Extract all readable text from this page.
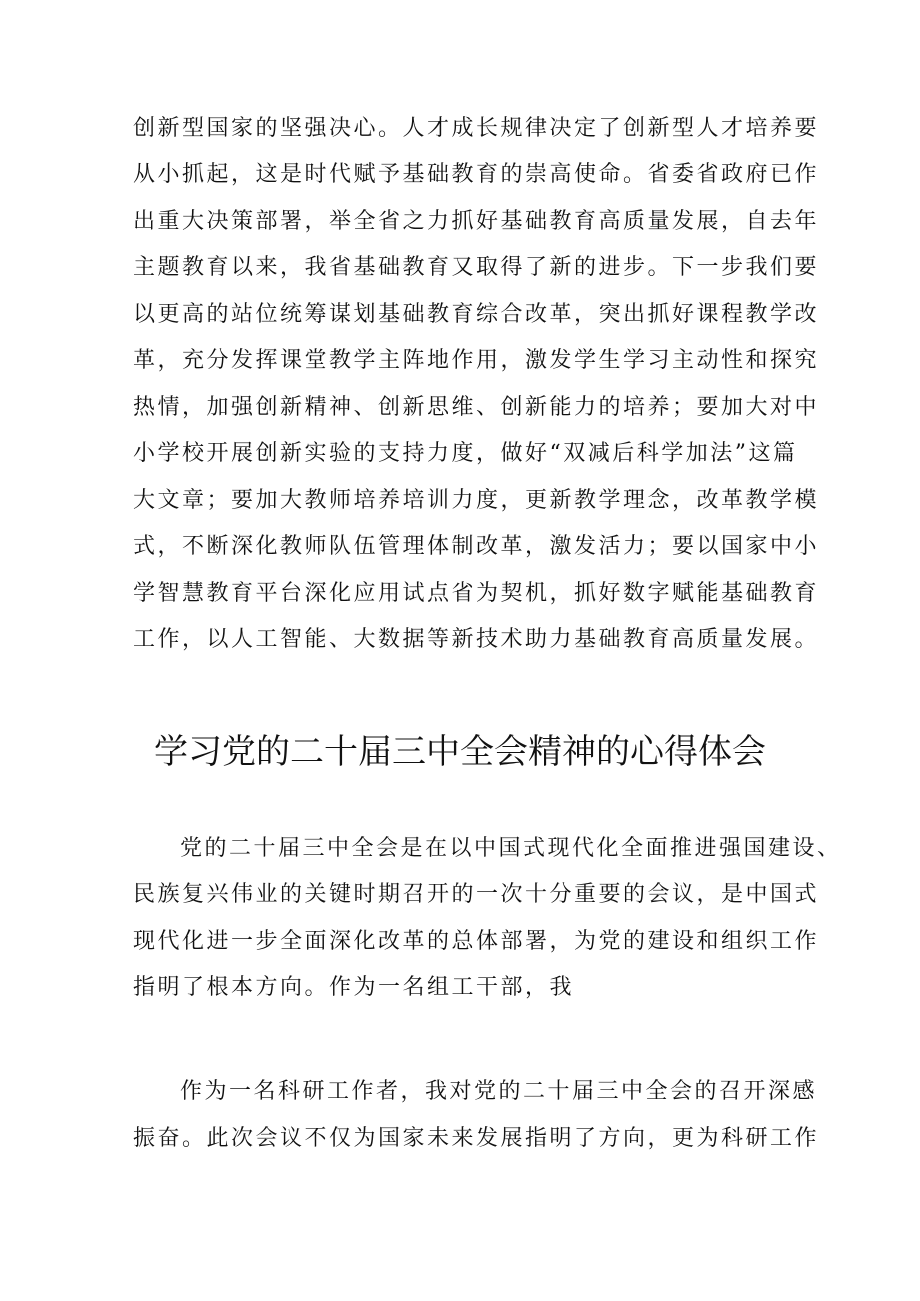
创新型国家的坚强决心。人才成长规律决定了创新型人才培养要
从小抓起，这是时代赋予基础教育的崇高使命。省委省政府已作
出重大决策部署，举全省之力抓好基础教育高质量发展，自去年
主题教育以来，我省基础教育又取得了新的进步。下一步我们要
以更高的站位统筹谋划基础教育综合改革，突出抓好课程教学改
革，充分发挥课堂教学主阵地作用，激发学生学习主动性和探究
热情，加强创新精神、创新思维、创新能力的培养；要加大对中
小学校开展创新实验的支持力度，做好“双减后科学加法”这篇
大文章；要加大教师培养培训力度，更新教学理念，改革教学模
式，不断深化教师队伍管理体制改革，激发活力；要以国家中小
学智慧教育平台深化应用试点省为契机，抓好数字赋能基础教育
工作，以人工智能、大数据等新技术助力基础教育高质量发展。
学习党的二十届三中全会精神的心得体会
党的二十届三中全会是在以中国式现代化全面推进强国建设、
民族复兴伟业的关键时期召开的一次十分重要的会议，是中国式
现代化进一步全面深化改革的总体部署，为党的建设和组织工作
指明了根本方向。作为一名组工干部，我
作为一名科研工作者，我对党的二十届三中全会的召开深感
振奋。此次会议不仅为国家未来发展指明了方向，更为科研工作
